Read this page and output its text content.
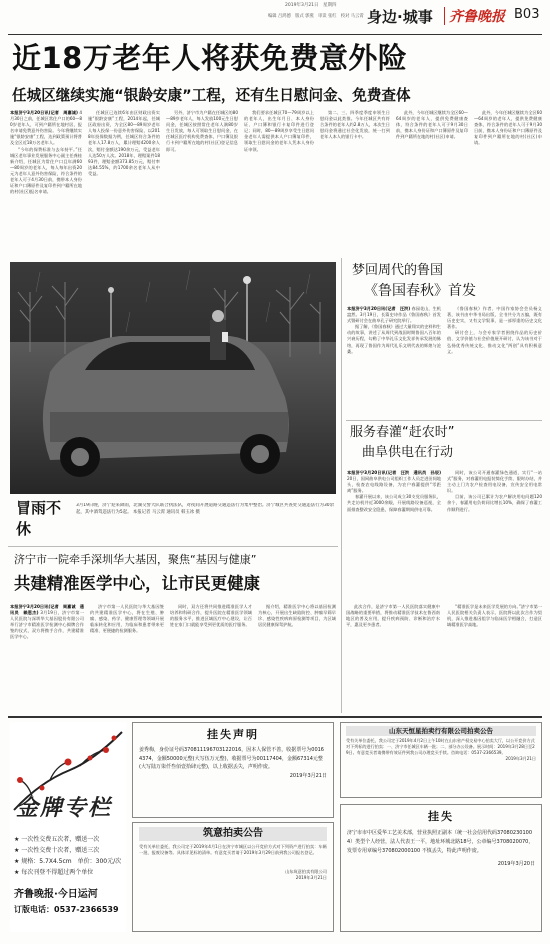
2019年3月21日　星期四
编辑 吕鸿德　版式 郭燕　审读 张红　校对 马云霄 身边·城事 齐鲁晚报 B03
近18万老年人将获免费意外险
任城区继续实施“银龄安康”工程，还有生日慰问金、免费查体
本报济宁3月20日讯(记者　周嘉诚) 4月30日之前，任城区常住户口的60—80岁老年人，可到户籍所在地村居，报名申请免费意外伤害险。今年将继续实施“银龄安康”工程，达到政策预计将普及全区近18万名老年人。

“今年的保费标准与去年持平。”任城区老年事业发展服务中心副主任龚桂新介绍，任城区为常住户口且年满60—80周岁的老年人，每人每年出资20元为老年人意外伤害保险，符合条件的老年人可于4月30日前，携带本人身份证和户口簿原件及复印件到户籍所在地的村(社区)报名申请。

任城区已连续6年由区财政出资实施“银龄安康”工程，2014年起，任城区政府出资，为全区80—89周岁老年人每人投保一份意外伤害保险，以2018年投保数据为例，任城区符合条件的老年人17.8万人，累计理赔4200余人次，赔付金额达190余万元，受益老年人达50万人次。2018年，理赔案件1893件，理赔金额373.85万元，赔付率达84.55%，约1700余名老年人从中受益。

另外，济宁市为户籍在任城区的80—89岁老年人，每人发放100元生日慰问金，任城区按照常住老年人满80岁生日发放，每人可领取生日慰问金，在任城区医疗机构免费查体，户口簿及银行卡到户籍所在地的村(社区)登记信息即可。

我们要求任城区70—79周岁以上的老年人，出生年月日、本人身份证、户口簿和银行卡复印件进行登记；同时，80—89周岁享受生日慰问金老年人需提供本人户口簿复印件，领取生日慰问金的老年人凭本人身份证申领。

第二、三、四季度季度申领生日慰问金以此类推。今年任城区共有符合条件的老年人约2.8万人，本次生日慰问金将通过社会化发放，统一打到老年人本人的银行卡中。

此外，今年任城区继续为全区60—64周岁的老年人，提供免费健康查体，符合条件的老年人可于9月30日前，携本人身份证和户口簿原件及复印件到户籍所在地的村(社区)申请。

此外，今年任城区继续为全区60—64周岁的老年人，提供免费健康查体，符合条件的老年人可于9月30日前，携本人身份证和户口簿原件及复印件到户籍所在地的村(社区)申请。

冒雨不休
3月19日晚，济宁迎来降雨，北湖交警大队联合执法队，对夜间开展道路交通违法行为集中整治。济宁城区共查处交通违法行为30余起，其中酒驾违法行为5起。 本报记者 马云霄 通讯员 韩玉冰 摄
梦回周代的鲁国
《鲁国春秋》首发
本报济宁3月20日讯(记者　汪洪) 春园花山，生机盎然。3月19日，长篇史诗作品《鲁国春秋》首发式暨研讨会在曲阜孔子研究院举行。

据了解，《鲁国春秋》通过大量翔实的史料和生动的故事，讲述了从周代到战国时期鲁国八百年的兴衰历程，勾勒了中华礼乐文化发祥传承发展的脉络，再现了鲁国作为周代礼乐文明代表的辉煌与沧桑。

《鲁国春秋》作者、中国作家协会会员杨义著，该书由中华书局出版，全书共分为五编，既有历史史实，又有文学叙事，是一部厚重的历史文化著作。

研讨会上，与会专家学者围绕作品的历史价值、文学价值与社会价值展开研讨，认为该书对于弘扬优秀传统文化、推动文化“两创”具有积极意义。

服务春灌“赶农时”
曲阜供电在行动
本报济宁3月20日讯(记者　汪洪　通讯员　孙辰) 20日，国网曲阜供电公司组织工作人员走进田间地头，检查农电线路设备，为农户春灌提供“零距离”服务。

春灌开展以来，该公司成立30支党员服务队，共走访机井近3000余眼，开展线路设备巡视，全面排查整改安全隐患，保障春灌期间供电可靠。

同时，该公司开通春灌绿色通道，实行“一站式”服务，对春灌用电报装简化手续、限时办结，并主动上门为农户检查用电设备，宣传安全用电常识。

目前，该公司已累计为农户解决用电问题120余个，春灌用电负荷同比增长10%，确保了春灌工作顺利进行。

济宁市一院牵手深圳华大基因，聚焦“基因与健康”
共建精准医学中心，让市民更健康
本报济宁3月20日讯(记者　周嘉诚　通讯员　赖恩杰) 3月19日，济宁市第一人民医院与深圳华大基因股份有限公司举行济宁市精准医学检测中心揭牌合作签约仪式，双方将携手合作，共建精准医学中心。

济宁市第一人民医院与华大基因签约共建精准医学中心，将在生殖、肿瘤、感染、药学、健康管理等领域开展临床转化和应用，为临床和患者带来更精准、更便捷的检测服务。

同时，双方还将共同推进精准医学人才培养和科研合作，提升医院在精准医学领域的服务水平，推进区域医疗中心建设，让百姓在家门口就能享受到更优质的医疗服务。

据介绍，精准医学中心将以基因检测为核心，开展出生缺陷防控、肿瘤早筛早诊、感染性疾病病原检测等项目，为区域居民健康保驾护航。

此次合作，是济宁市第一人民医院落实健康中国战略的重要举措，将推动精准医学技术在鲁西南地区的普及应用，提升疾病预防、诊断和治疗水平，惠及更多患者。

“精准医学是未来医学发展的方向。”济宁市第一人民医院相关负责人表示，医院将以此次合作为契机，深入推进基因组学与临床医学相融合，打造区域精准医学高地。

金牌专栏
★ 一次性交费五次者，赠送一次
★ 一次性交费十次者，赠送三次
★ 规格：5.7X4.5cm　单价：300元/次
★ 每次刊登不得超过两个单位
齐鲁晚报·今日运河
订版电话：0537-2366539
挂失声明
姜秀梅，身份证号码370811196703122016，因本人保管不善，收据票号为00164374，金额50000元整(大写伍万元整)，收据票号为00117404，金额67314元整(大写陆万柒仟叁佰壹拾肆元整)，以上收据丢失，声明作废。
2019年3月21日
筑意拍卖公告
受有关单位委托，我公司定于2019年4月1日在济宁市城区以公开竞价方式对下列资产进行拍卖：车辆一批、报废设备等。具体详见标的清单。有意竞买者请于2019年3月29日前到我公司报名登记。
山东筑意拍卖有限公司
2019年3月21日
山东天恒星拍卖行有限公司拍卖公告
受有关单位委托，我公司定于2019年4月2日上午10时在山东省产权交易中心拍卖大厅，以公开竞价方式对下列标的进行拍卖：一、济宁市任城区车辆一批；二、部分办公设备。展示时间：2019年3月28日至29日。有意竞买者请携带有效证件到我公司办理竞买手续。咨询电话：0537-2366539。
2019年3月21日
挂失
济宁市市中区爱华工艺美术部，营业执照正副本（统一社会信用代码370802301004）类型个人经营，法人代表王一平，地址环城北路18号，公章编号3708020070，发票专用章编号370802000100 不慎丢失，特此声明作废。
2019年3月20日
